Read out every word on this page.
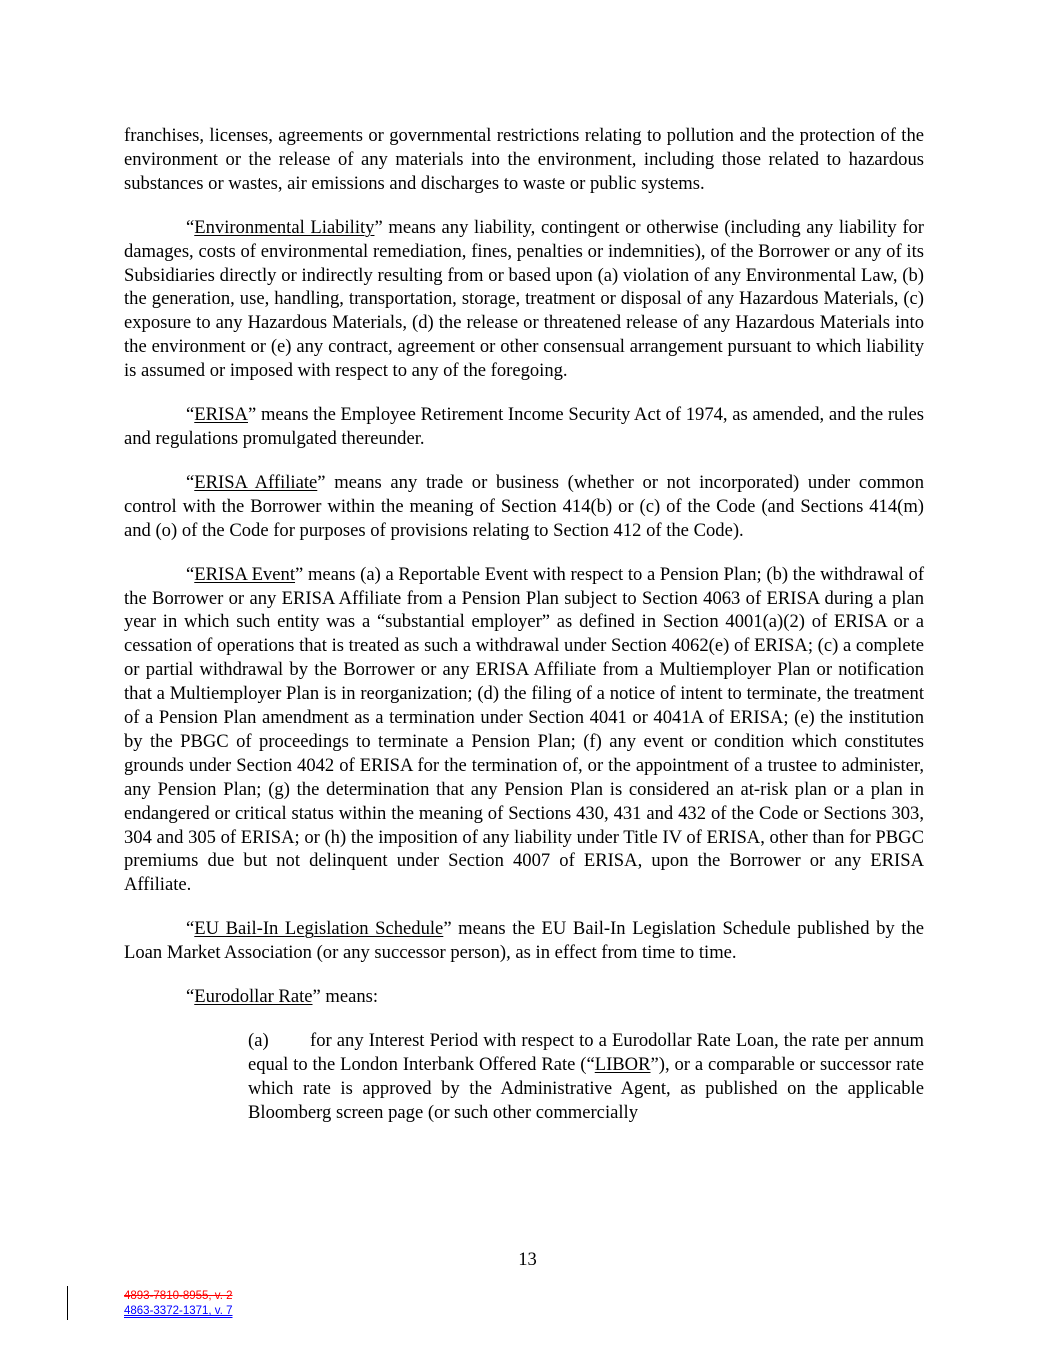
franchises, licenses, agreements or governmental restrictions relating to pollution and the protection of the environment or the release of any materials into the environment, including those related to hazardous substances or wastes, air emissions and discharges to waste or public systems.

“Environmental Liability” means any liability, contingent or otherwise (including any liability for damages, costs of environmental remediation, fines, penalties or indemnities), of the Borrower or any of its Subsidiaries directly or indirectly resulting from or based upon (a) violation of any Environmental Law, (b) the generation, use, handling, transportation, storage, treatment or disposal of any Hazardous Materials, (c) exposure to any Hazardous Materials, (d) the release or threatened release of any Hazardous Materials into the environment or (e) any contract, agreement or other consensual arrangement pursuant to which liability is assumed or imposed with respect to any of the foregoing.

“ERISA” means the Employee Retirement Income Security Act of 1974, as amended, and the rules and regulations promulgated thereunder.

“ERISA Affiliate” means any trade or business (whether or not incorporated) under common control with the Borrower within the meaning of Section 414(b) or (c) of the Code (and Sections 414(m) and (o) of the Code for purposes of provisions relating to Section 412 of the Code).

“ERISA Event” means (a) a Reportable Event with respect to a Pension Plan; (b) the withdrawal of the Borrower or any ERISA Affiliate from a Pension Plan subject to Section 4063 of ERISA during a plan year in which such entity was a “substantial employer” as defined in Section 4001(a)(2) of ERISA or a cessation of operations that is treated as such a withdrawal under Section 4062(e) of ERISA; (c) a complete or partial withdrawal by the Borrower or any ERISA Affiliate from a Multiemployer Plan or notification that a Multiemployer Plan is in reorganization; (d) the filing of a notice of intent to terminate, the treatment of a Pension Plan amendment as a termination under Section 4041 or 4041A of ERISA; (e) the institution by the PBGC of proceedings to terminate a Pension Plan; (f) any event or condition which constitutes grounds under Section 4042 of ERISA for the termination of, or the appointment of a trustee to administer, any Pension Plan; (g) the determination that any Pension Plan is considered an at-risk plan or a plan in endangered or critical status within the meaning of Sections 430, 431 and 432 of the Code or Sections 303, 304 and 305 of ERISA; or (h) the imposition of any liability under Title IV of ERISA, other than for PBGC premiums due but not delinquent under Section 4007 of ERISA, upon the Borrower or any ERISA Affiliate.

“EU Bail-In Legislation Schedule” means the EU Bail-In Legislation Schedule published by the Loan Market Association (or any successor person), as in effect from time to time.

“Eurodollar Rate” means:

(a) for any Interest Period with respect to a Eurodollar Rate Loan, the rate per annum equal to the London Interbank Offered Rate (“LIBOR”), or a comparable or successor rate which rate is approved by the Administrative Agent, as published on the applicable Bloomberg screen page (or such other commercially

13
4893-7810-8955, v. 2
4863-3372-1371, v. 7
